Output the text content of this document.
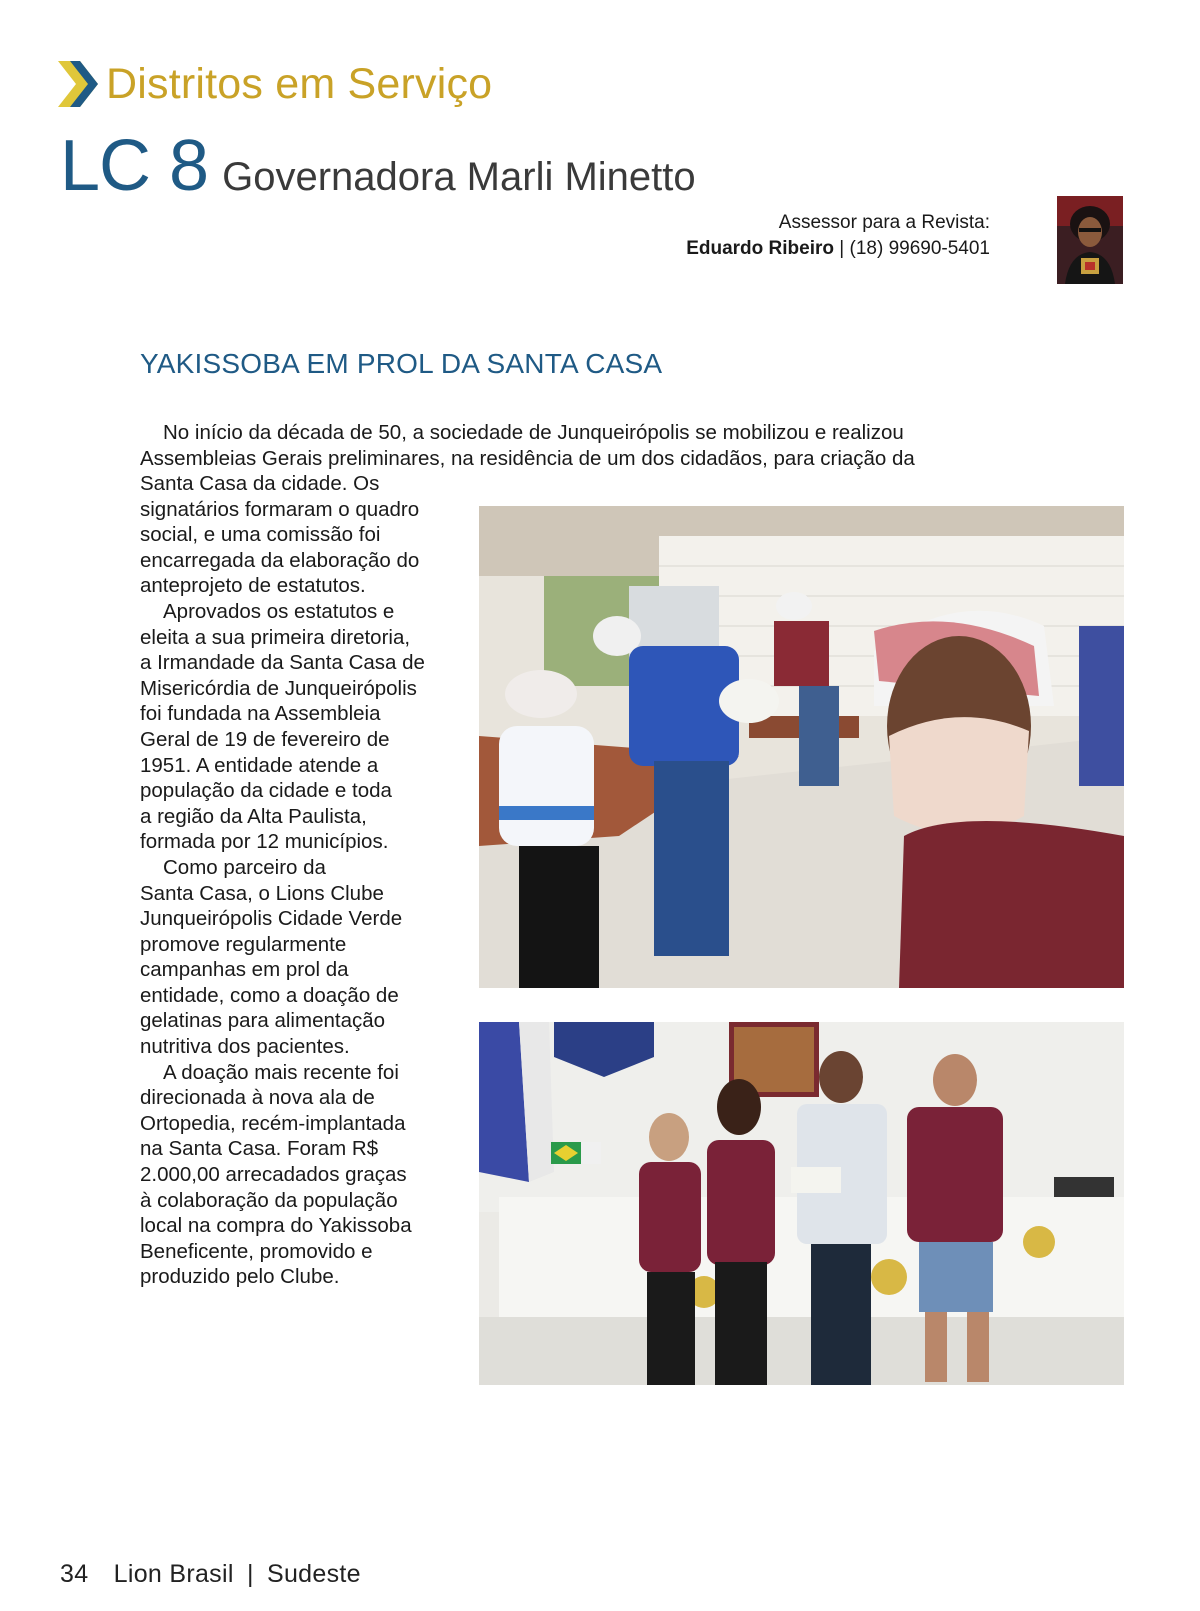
Distritos em Serviço
LC 8 Governadora Marli Minetto
Assessor para a Revista:
Eduardo Ribeiro | (18) 99690-5401
YAKISSOBA EM PROL DA SANTA CASA
No início da década de 50, a sociedade de Junqueirópolis se mobilizou e realizou
Assembleias Gerais preliminares, na residência de um dos cidadãos, para criação da
Santa Casa da cidade. Os
signatários formaram o quadro
social, e uma comissão foi
encarregada da elaboração do
anteprojeto de estatutos.
Aprovados os estatutos e
eleita a sua primeira diretoria,
a Irmandade da Santa Casa de
Misericórdia de Junqueirópolis
foi fundada na Assembleia
Geral de 19 de fevereiro de
1951. A entidade atende a
população da cidade e toda
a região da Alta Paulista,
formada por 12 municípios.
Como parceiro da
Santa Casa, o Lions Clube
Junqueirópolis Cidade Verde
promove regularmente
campanhas em prol da
entidade, como a doação de
gelatinas para alimentação
nutritiva dos pacientes.
A doação mais recente foi
direcionada à nova ala de
Ortopedia, recém-implantada
na Santa Casa. Foram R$
2.000,00 arrecadados graças
à colaboração da população
local na compra do Yakissoba
Beneficente, promovido e
produzido pelo Clube.
34 Lion Brasil | Sudeste
